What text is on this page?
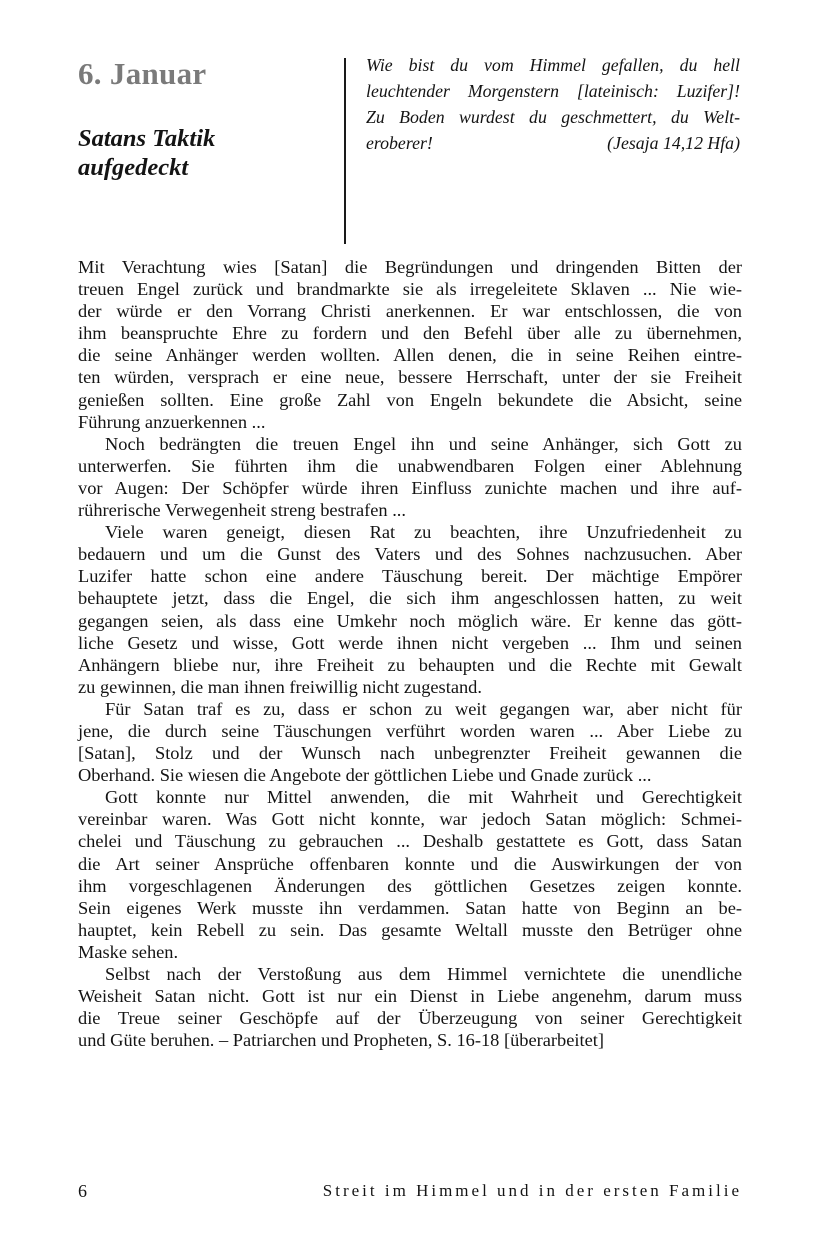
6. Januar
Satans Taktik
aufgedeckt
Wie bist du vom Himmel gefallen, du hell
leuchtender Morgenstern [lateinisch: Luzifer]!
Zu Boden wurdest du geschmettert, du Welt-
eroberer!	(Jesaja 14,12 Hfa)
Mit Verachtung wies [Satan] die Begründungen und dringenden Bitten der
treuen Engel zurück und brandmarkte sie als irregeleitete Sklaven ... Nie wie-
der würde er den Vorrang Christi anerkennen. Er war entschlossen, die von
ihm beanspruchte Ehre zu fordern und den Befehl über alle zu übernehmen,
die seine Anhänger werden wollten. Allen denen, die in seine Reihen eintre-
ten würden, versprach er eine neue, bessere Herrschaft, unter der sie Freiheit
genießen sollten. Eine große Zahl von Engeln bekundete die Absicht, seine
Führung anzuerkennen ...
Noch bedrängten die treuen Engel ihn und seine Anhänger, sich Gott zu
unterwerfen. Sie führten ihm die unabwendbaren Folgen einer Ablehnung
vor Augen: Der Schöpfer würde ihren Einfluss zunichte machen und ihre auf-
rührerische Verwegenheit streng bestrafen ...
Viele waren geneigt, diesen Rat zu beachten, ihre Unzufriedenheit zu
bedauern und um die Gunst des Vaters und des Sohnes nachzusuchen. Aber
Luzifer hatte schon eine andere Täuschung bereit. Der mächtige Empörer
behauptete jetzt, dass die Engel, die sich ihm angeschlossen hatten, zu weit
gegangen seien, als dass eine Umkehr noch möglich wäre. Er kenne das gött-
liche Gesetz und wisse, Gott werde ihnen nicht vergeben ... Ihm und seinen
Anhängern bliebe nur, ihre Freiheit zu behaupten und die Rechte mit Gewalt
zu gewinnen, die man ihnen freiwillig nicht zugestand.
Für Satan traf es zu, dass er schon zu weit gegangen war, aber nicht für
jene, die durch seine Täuschungen verführt worden waren ... Aber Liebe zu
[Satan], Stolz und der Wunsch nach unbegrenzter Freiheit gewannen die
Oberhand. Sie wiesen die Angebote der göttlichen Liebe und Gnade zurück ...
Gott konnte nur Mittel anwenden, die mit Wahrheit und Gerechtigkeit
vereinbar waren. Was Gott nicht konnte, war jedoch Satan möglich: Schmei-
chelei und Täuschung zu gebrauchen ... Deshalb gestattete es Gott, dass Satan
die Art seiner Ansprüche offenbaren konnte und die Auswirkungen der von
ihm vorgeschlagenen Änderungen des göttlichen Gesetzes zeigen konnte.
Sein eigenes Werk musste ihn verdammen. Satan hatte von Beginn an be-
hauptet, kein Rebell zu sein. Das gesamte Weltall musste den Betrüger ohne
Maske sehen.
Selbst nach der Verstoßung aus dem Himmel vernichtete die unendliche
Weisheit Satan nicht. Gott ist nur ein Dienst in Liebe angenehm, darum muss
die Treue seiner Geschöpfe auf der Überzeugung von seiner Gerechtigkeit
und Güte beruhen. – Patriarchen und Propheten, S. 16-18 [überarbeitet]
6	Streit im Himmel und in der ersten Familie
